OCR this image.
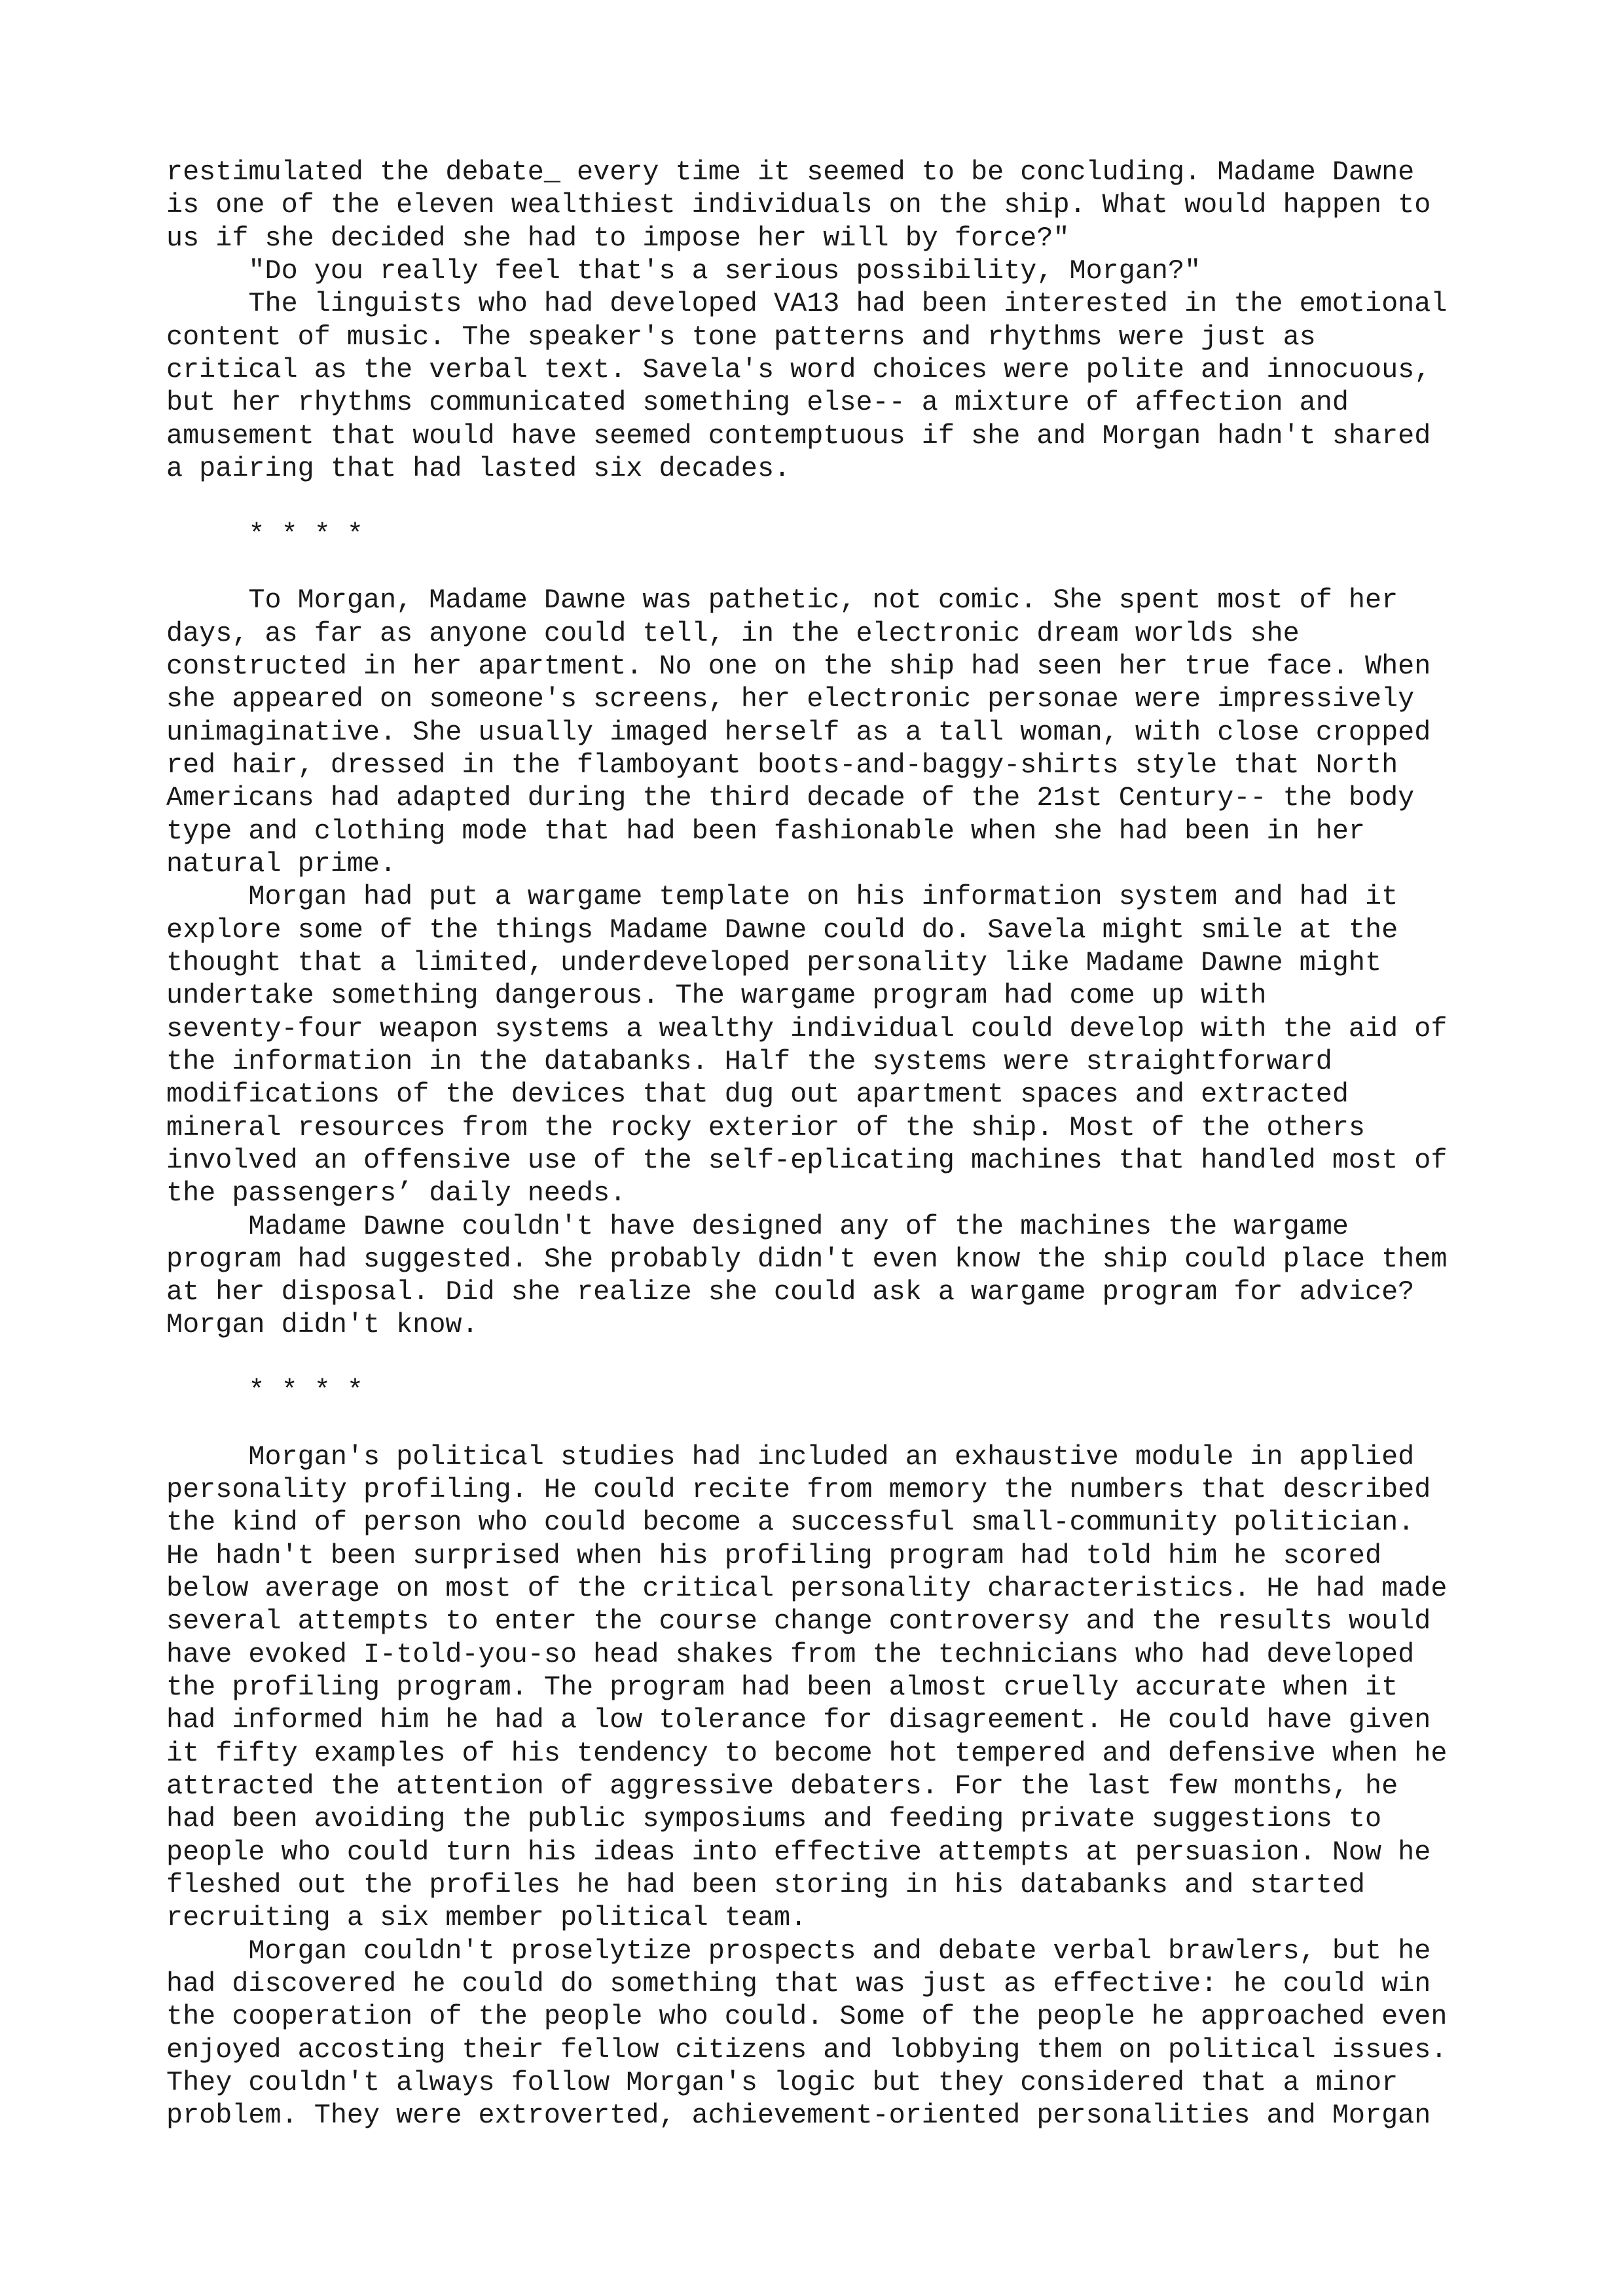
restimulated the debate_ every time it seemed to be concluding. Madame Dawne
is one of the eleven wealthiest individuals on the ship. What would happen to
us if she decided she had to impose her will by force?"
"Do you really feel that's a serious possibility, Morgan?"
The linguists who had developed VA13 had been interested in the emotional
content of music. The speaker's tone patterns and rhythms were just as
critical as the verbal text. Savela's word choices were polite and innocuous,
but her rhythms communicated something else-- a mixture of affection and
amusement that would have seemed contemptuous if she and Morgan hadn't shared
a pairing that had lasted six decades.
* * * *
To Morgan, Madame Dawne was pathetic, not comic. She spent most of her
days, as far as anyone could tell, in the electronic dream worlds she
constructed in her apartment. No one on the ship had seen her true face. When
she appeared on someone's screens, her electronic personae were impressively
unimaginative. She usually imaged herself as a tall woman, with close cropped
red hair, dressed in the flamboyant boots-and-baggy-shirts style that North
Americans had adapted during the third decade of the 21st Century-- the body
type and clothing mode that had been fashionable when she had been in her
natural prime.
Morgan had put a wargame template on his information system and had it
explore some of the things Madame Dawne could do. Savela might smile at the
thought that a limited, underdeveloped personality like Madame Dawne might
undertake something dangerous. The wargame program had come up with
seventy-four weapon systems a wealthy individual could develop with the aid of
the information in the databanks. Half the systems were straightforward
modifications of the devices that dug out apartment spaces and extracted
mineral resources from the rocky exterior of the ship. Most of the others
involved an offensive use of the self-eplicating machines that handled most of
the passengers’ daily needs.
Madame Dawne couldn't have designed any of the machines the wargame
program had suggested. She probably didn't even know the ship could place them
at her disposal. Did she realize she could ask a wargame program for advice?
Morgan didn't know.
* * * *
Morgan's political studies had included an exhaustive module in applied
personality profiling. He could recite from memory the numbers that described
the kind of person who could become a successful small-community politician.
He hadn't been surprised when his profiling program had told him he scored
below average on most of the critical personality characteristics. He had made
several attempts to enter the course change controversy and the results would
have evoked I-told-you-so head shakes from the technicians who had developed
the profiling program. The program had been almost cruelly accurate when it
had informed him he had a low tolerance for disagreement. He could have given
it fifty examples of his tendency to become hot tempered and defensive when he
attracted the attention of aggressive debaters. For the last few months, he
had been avoiding the public symposiums and feeding private suggestions to
people who could turn his ideas into effective attempts at persuasion. Now he
fleshed out the profiles he had been storing in his databanks and started
recruiting a six member political team.
Morgan couldn't proselytize prospects and debate verbal brawlers, but he
had discovered he could do something that was just as effective: he could win
the cooperation of the people who could. Some of the people he approached even
enjoyed accosting their fellow citizens and lobbying them on political issues.
They couldn't always follow Morgan's logic but they considered that a minor
problem. They were extroverted, achievement-oriented personalities and Morgan
